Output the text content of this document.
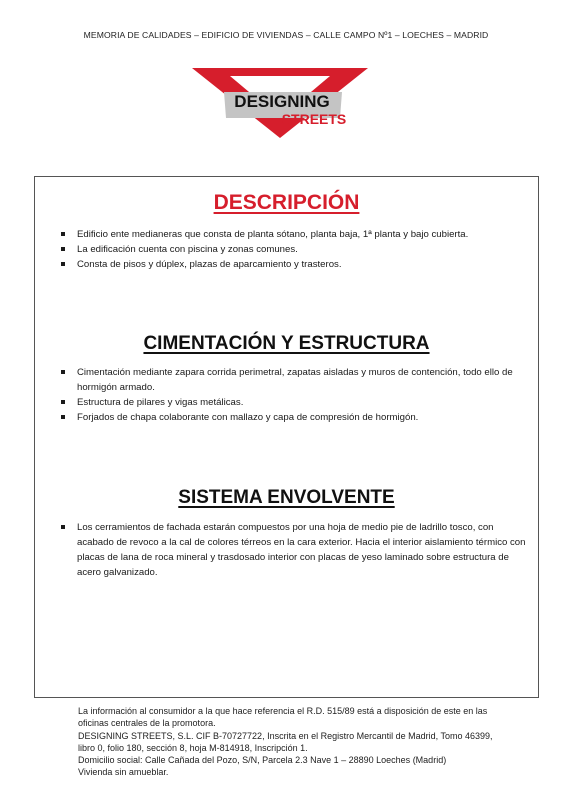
MEMORIA DE CALIDADES – EDIFICIO DE VIVIENDAS – CALLE CAMPO Nº1 – LOECHES – MADRID
DESIGNING
STREETS
DESCRIPCIÓN
Edificio ente medianeras que consta de planta sótano, planta baja, 1ª planta y bajo cubierta.
La edificación cuenta con piscina y zonas comunes.
Consta de pisos y dúplex, plazas de aparcamiento y trasteros.
CIMENTACIÓN Y ESTRUCTURA
Cimentación mediante zapara corrida perimetral, zapatas aisladas y muros de contención, todo ello de hormigón armado.
Estructura de pilares y vigas metálicas.
Forjados de chapa colaborante con mallazo y capa de compresión de hormigón.
SISTEMA ENVOLVENTE
Los cerramientos de fachada estarán compuestos por una hoja de medio pie de ladrillo tosco, con acabado de revoco a la cal de colores térreos en la cara exterior. Hacia el interior aislamiento térmico con placas de lana de roca mineral y trasdosado interior con placas de yeso laminado sobre estructura de acero galvanizado.

La información al consumidor a la que hace referencia el R.D. 515/89 está a disposición de este en las oficinas centrales de la promotora.

DESIGNING STREETS, S.L. CIF B-70727722, Inscrita en el Registro Mercantil de Madrid, Tomo 46399, libro 0, folio 180, sección 8, hoja M-814918, Inscripción 1.

Domicilio social: Calle Cañada del Pozo, S/N, Parcela 2.3 Nave 1 – 28890 Loeches (Madrid)

Vivienda sin amueblar.
